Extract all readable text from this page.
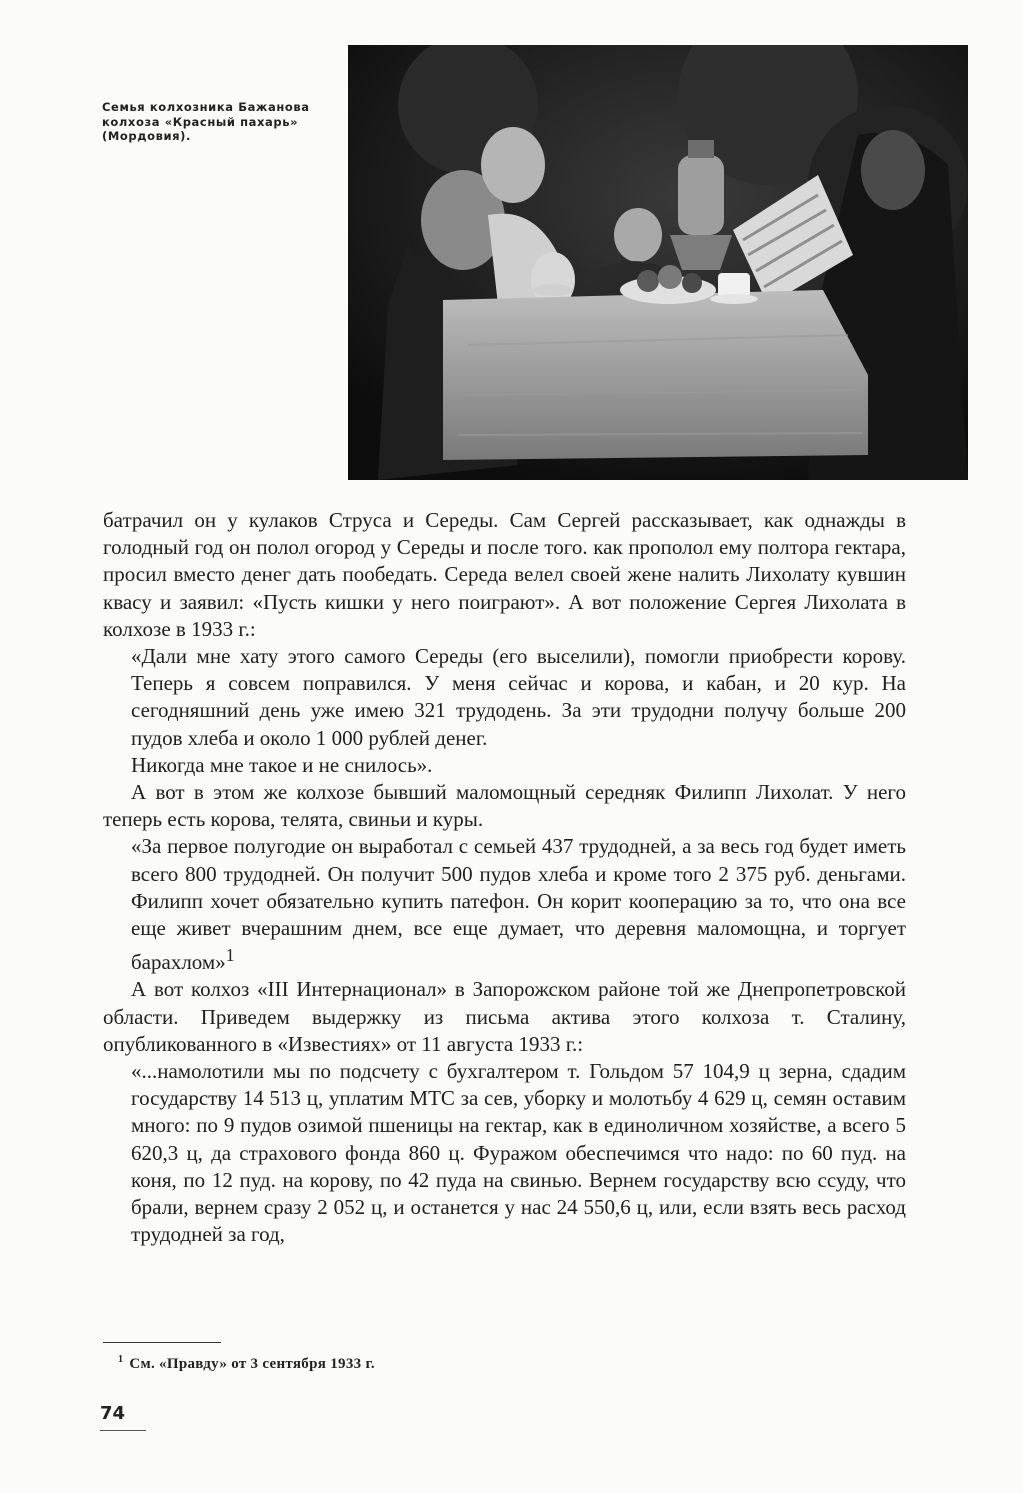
Семья колхозника Бажанова
колхоза «Красный пахарь»
(Мордовия).

батрачил он у кулаков Струса и Середы. Сам Сергей рассказывает, как однажды в голодный год он полол огород у Середы и после того. как прополол ему полтора гектара, просил вместо денег дать пообедать. Середа велел своей жене налить Лихолату кувшин квасу и заявил: «Пусть кишки у него поиграют». А вот положение Сергея Лихолата в колхозе в 1933 г.:

«Дали мне хату этого самого Середы (его выселили), помогли приобрести корову. Теперь я совсем поправился. У меня сейчас и корова, и кабан, и 20 кур. На сегодняшний день уже имею 321 трудодень. За эти трудодни получу больше 200 пудов хлеба и около 1 000 рублей денег.

Никогда мне такое и не снилось».

А вот в этом же колхозе бывший маломощный середняк Филипп Лихолат. У него теперь есть корова, телята, свиньи и куры.

«За первое полугодие он выработал с семьей 437 трудодней, а за весь год будет иметь всего 800 трудодней. Он получит 500 пудов хлеба и кроме того 2 375 руб. деньгами. Филипп хочет обязательно купить патефон. Он корит кооперацию за то, что она все еще живет вчерашним днем, все еще думает, что деревня маломощна, и торгует барахлом»$^1$

А вот колхоз «III Интернационал» в Запорожском районе той же Днепропетровской области. Приведем выдержку из письма актива этого колхоза т. Сталину, опубликованного в «Известиях» от 11 августа 1933 г.:

«...намолотили мы по подсчету с бухгалтером т. Гольдом 57 104,9 ц зерна, сдадим государству 14 513 ц, уплатим МТС за сев, уборку и молотьбу 4 629 ц, семян оставим много: по 9 пудов озимой пшеницы на гектар, как в единоличном хозяйстве, а всего 5 620,3 ц, да страхового фонда 860 ц. Фуражом обеспечимся что надо: по 60 пуд. на коня, по 12 пуд. на корову, по 42 пуда на свинью. Вернем государству всю ссуду, что брали, вернем сразу 2 052 ц, и останется у нас 24 550,6 ц, или, если взять весь расход трудодней за год,

$^1$ См. «Правду» от 3 сентября 1933 г.
74
